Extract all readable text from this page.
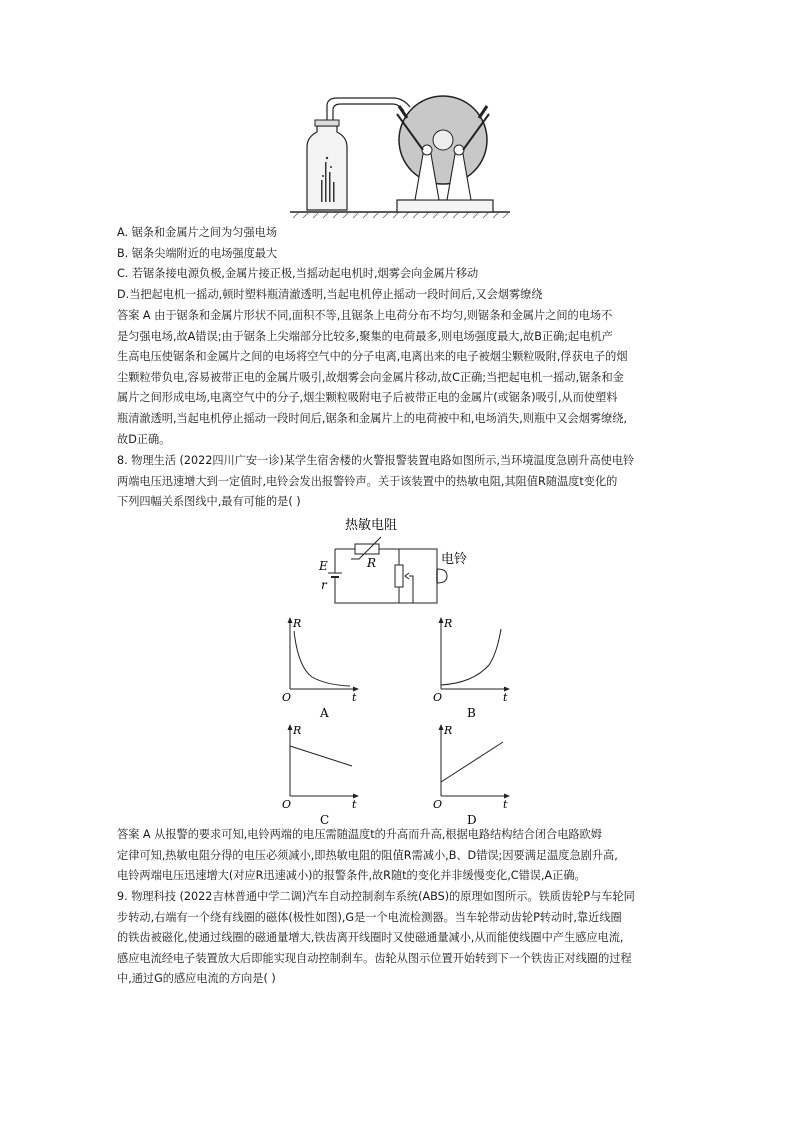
A. 锯条和金属片之间为匀强电场
B. 锯条尖端附近的电场强度最大
C. 若锯条接电源负极,金属片接正极,当摇动起电机时,烟雾会向金属片移动
D.当把起电机一摇动,顿时塑料瓶清澈透明,当起电机停止摇动一段时间后,又会烟雾缭绕
答案 A 由于锯条和金属片形状不同,面积不等,且锯条上电荷分布不均匀,则锯条和金属片之间的电场不
是匀强电场,故A错误;由于锯条上尖端部分比较多,聚集的电荷最多,则电场强度最大,故B正确;起电机产
生高电压使锯条和金属片之间的电场将空气中的分子电离,电离出来的电子被烟尘颗粒吸附,俘获电子的烟
尘颗粒带负电,容易被带正电的金属片吸引,故烟雾会向金属片移动,故C正确;当把起电机一摇动,锯条和金
属片之间形成电场,电离空气中的分子,烟尘颗粒吸附电子后被带正电的金属片(或锯条)吸引,从而使塑料
瓶清澈透明,当起电机停止摇动一段时间后,锯条和金属片上的电荷被中和,电场消失,则瓶中又会烟雾缭绕,
故D正确。
8. 物理生活 (2022四川广安一诊)某学生宿舍楼的火警报警装置电路如图所示,当环境温度急剧升高使电铃
两端电压迅速增大到一定值时,电铃会发出报警铃声。关于该装置中的热敏电阻,其阻值R随温度t变化的
下列四幅关系图线中,最有可能的是( )
热敏电阻
R
E
r
电铃
R
t
O
A
R
t
O
B
R
t
O
C
R
t
O
D
答案 A 从报警的要求可知,电铃两端的电压需随温度t的升高而升高,根据电路结构结合闭合电路欧姆
定律可知,热敏电阻分得的电压必须减小,即热敏电阻的阻值R需减小,B、D错误;因要满足温度急剧升高,
电铃两端电压迅速增大(对应R迅速减小)的报警条件,故R随t的变化并非缓慢变化,C错误,A正确。
9. 物理科技 (2022吉林普通中学二调)汽车自动控制刹车系统(ABS)的原理如图所示。铁质齿轮P与车轮同
步转动,右端有一个绕有线圈的磁体(极性如图),G是一个电流检测器。当车轮带动齿轮P转动时,靠近线圈
的铁齿被磁化,使通过线圈的磁通量增大,铁齿离开线圈时又使磁通量减小,从而能使线圈中产生感应电流,
感应电流经电子装置放大后即能实现自动控制刹车。齿轮从图示位置开始转到下一个铁齿正对线圈的过程
中,通过G的感应电流的方向是( )
